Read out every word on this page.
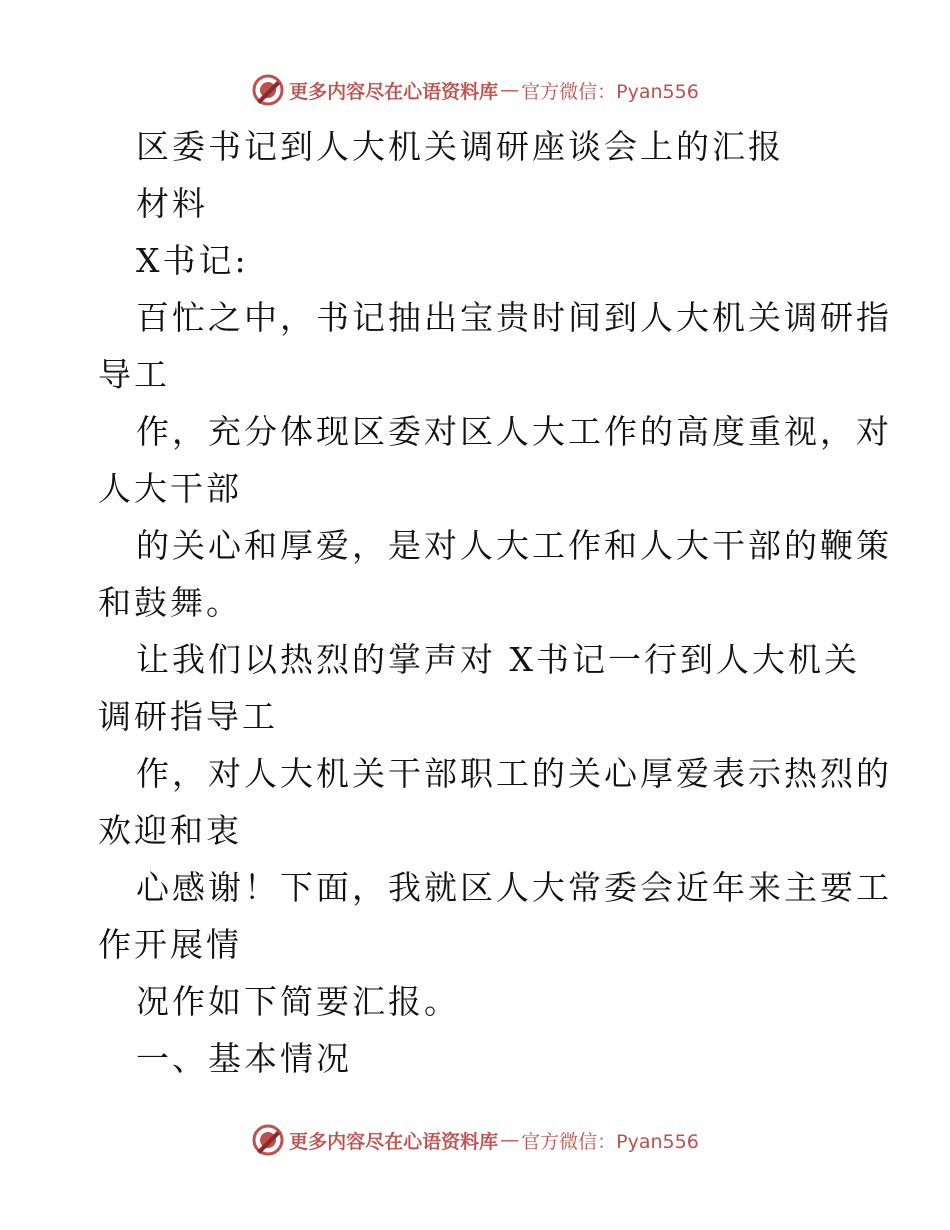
更多内容尽在心语资料库 — 官方微信：Pyan556
区委书记到人大机关调研座谈会上的汇报
材料
X书记:
百忙之中，书记抽出宝贵时间到人大机关调研指
导工
作，充分体现区委对区人大工作的高度重视，对
人大干部
的关心和厚爱，是对人大工作和人大干部的鞭策
和鼓舞。
让我们以热烈的掌声对 X书记一行到人大机关
调研指导工
作，对人大机关干部职工的关心厚爱表示热烈的
欢迎和衷
心感谢！下面，我就区人大常委会近年来主要工
作开展情
况作如下简要汇报。
一、基本情况
更多内容尽在心语资料库 — 官方微信：Pyan556
